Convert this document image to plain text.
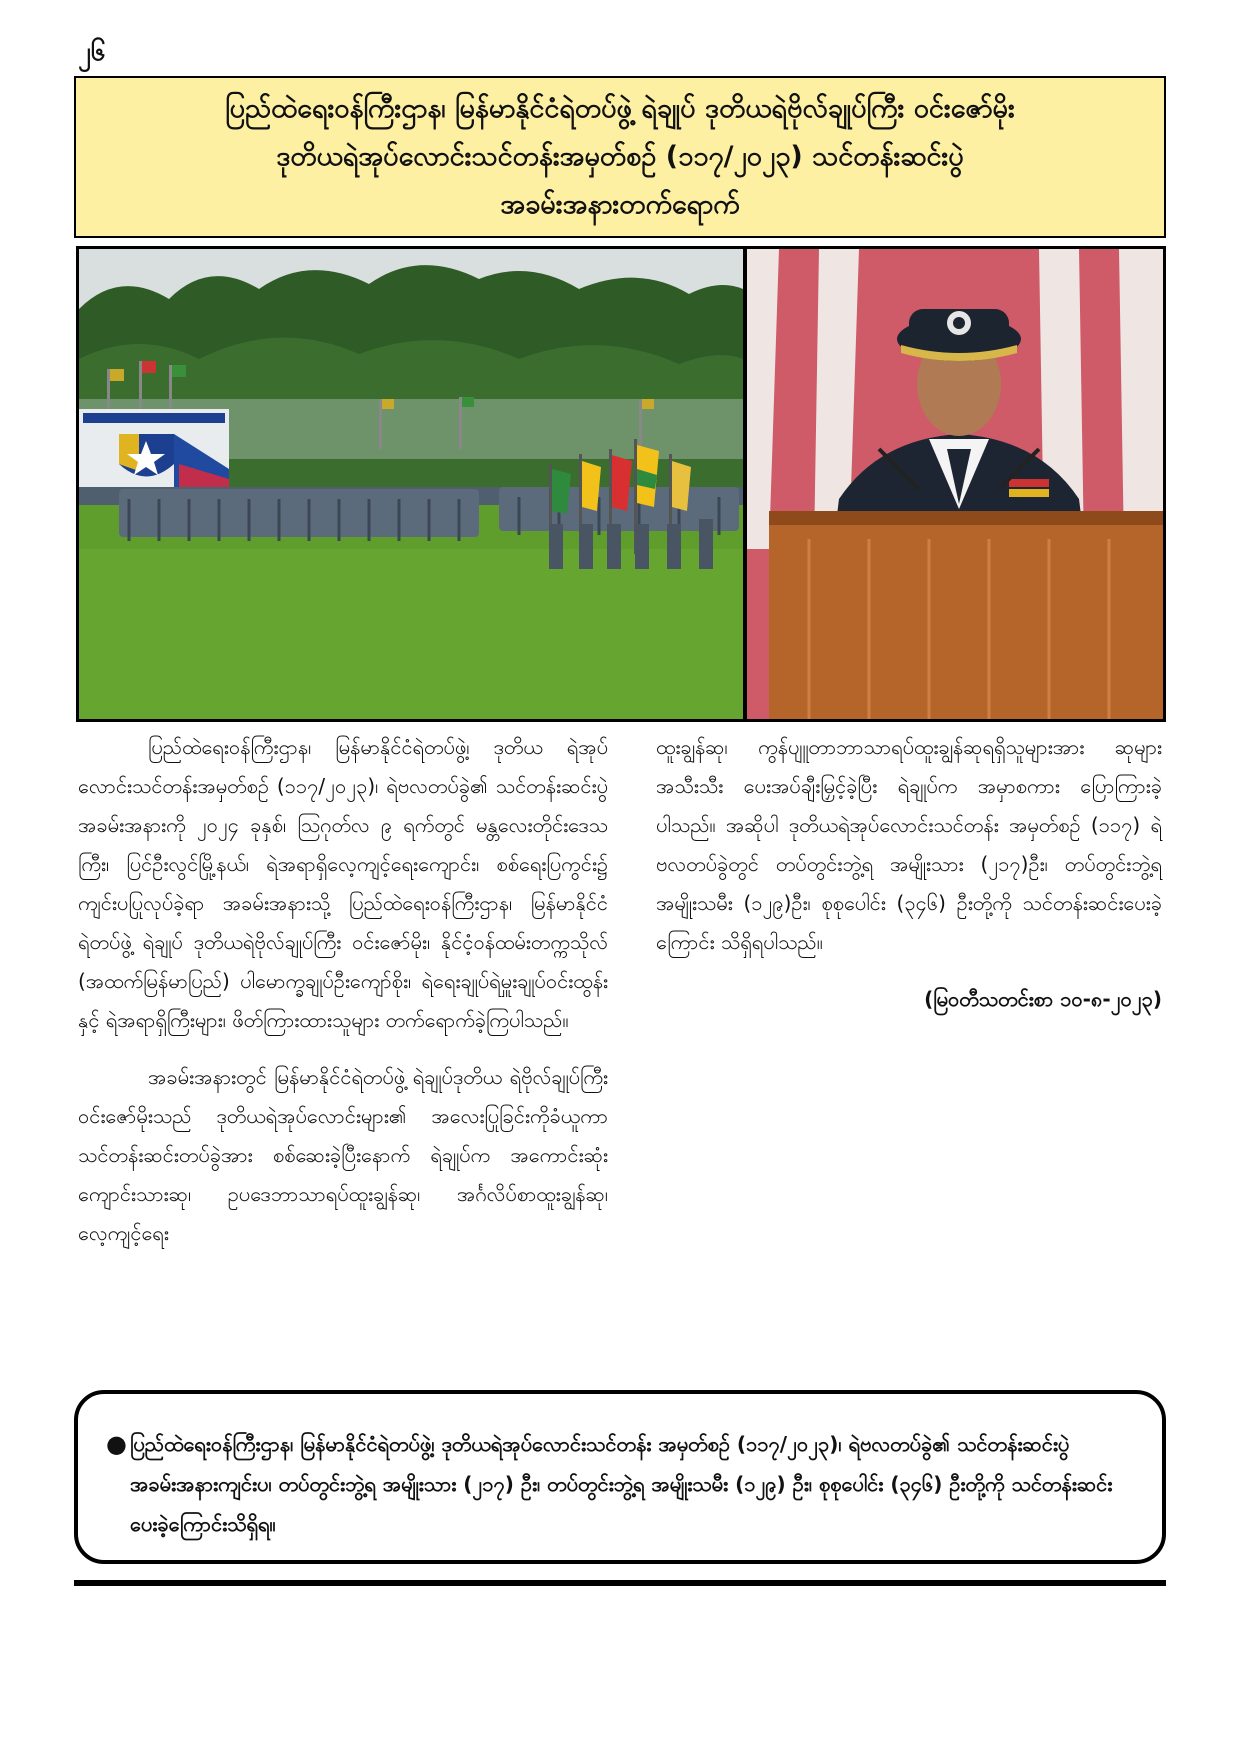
၂၆
ပြည်ထဲရေးဝန်ကြီးဌာန၊ မြန်မာနိုင်ငံရဲတပ်ဖွဲ့ ရဲချုပ် ဒုတိယရဲဗိုလ်ချုပ်ကြီး ဝင်းဇော်မိုး
ဒုတိယရဲအုပ်လောင်းသင်တန်းအမှတ်စဉ် (၁၁၇/၂၀၂၃) သင်တန်းဆင်းပွဲ
အခမ်းအနားတက်ရောက်

ပြည်ထဲရေးဝန်ကြီးဌာန၊ မြန်မာနိုင်ငံရဲတပ်ဖွဲ့၊ ဒုတိယ ရဲအုပ်လောင်းသင်တန်းအမှတ်စဉ် (၁၁၇/၂၀၂၃)၊ ရဲဗလတပ်ခွဲ၏ သင်တန်းဆင်းပွဲအခမ်းအနားကို ၂၀၂၄ ခုနှစ်၊ ဩဂုတ်လ ၉ ရက်တွင် မန္တလေးတိုင်းဒေသကြီး၊ ပြင်ဦးလွင်မြို့နယ်၊ ရဲအရာရှိလေ့ကျင့်ရေးကျောင်း၊ စစ်ရေးပြကွင်း၌ ကျင်းပပြုလုပ်ခဲ့ရာ အခမ်းအနားသို့ ပြည်ထဲရေးဝန်ကြီးဌာန၊ မြန်မာနိုင်ငံရဲတပ်ဖွဲ့ ရဲချုပ် ဒုတိယရဲဗိုလ်ချုပ်ကြီး ဝင်းဇော်မိုး၊ နိုင်ငံ့ဝန်ထမ်းတက္ကသိုလ် (အထက်မြန်မာပြည်) ပါမောက္ခချုပ်ဦးကျော်စိုး၊ ရဲရေးချုပ်ရဲမှူးချုပ်ဝင်းထွန်းနှင့် ရဲအရာရှိကြီးများ၊ ဖိတ်ကြားထားသူများ တက်ရောက်ခဲ့ကြပါသည်။

အခမ်းအနားတွင် မြန်မာနိုင်ငံရဲတပ်ဖွဲ့ ရဲချုပ်ဒုတိယ ရဲဗိုလ်ချုပ်ကြီးဝင်းဇော်မိုးသည် ဒုတိယရဲအုပ်လောင်းများ၏ အလေးပြုခြင်းကိုခံယူကာ သင်တန်းဆင်းတပ်ခွဲအား စစ်ဆေးခဲ့ပြီးနောက် ရဲချုပ်က အကောင်းဆုံးကျောင်းသားဆု၊ ဥပဒေဘာသာရပ်ထူးချွန်ဆု၊ အင်္ဂလိပ်စာထူးချွန်ဆု၊ လေ့ကျင့်ရေး

ထူးချွန်ဆု၊ ကွန်ပျူတာဘာသာရပ်ထူးချွန်ဆုရရှိသူများအား ဆုများအသီးသီး ပေးအပ်ချီးမြှင့်ခဲ့ပြီး ရဲချုပ်က အမှာစကား ပြောကြားခဲ့ပါသည်။ အဆိုပါ ဒုတိယရဲအုပ်လောင်းသင်တန်း အမှတ်စဉ် (၁၁၇) ရဲဗလတပ်ခွဲတွင် တပ်တွင်းဘွဲ့ရ အမျိုးသား (၂၁၇)ဦး၊ တပ်တွင်းဘွဲ့ရ အမျိုးသမီး (၁၂၉)ဦး၊ စုစုပေါင်း (၃၄၆) ဦးတို့ကို သင်တန်းဆင်းပေးခဲ့ကြောင်း သိရှိရပါသည်။

(မြဝတီသတင်းစာ ၁၀-၈-၂၀၂၃)
● ပြည်ထဲရေးဝန်ကြီးဌာန၊ မြန်မာနိုင်ငံရဲတပ်ဖွဲ့၊ ဒုတိယရဲအုပ်လောင်းသင်တန်း အမှတ်စဉ် (၁၁၇/၂၀၂၃)၊ ရဲဗလတပ်ခွဲ၏ သင်တန်းဆင်းပွဲအခမ်းအနားကျင်းပ၊ တပ်တွင်းဘွဲ့ရ အမျိုးသား (၂၁၇) ဦး၊ တပ်တွင်းဘွဲ့ရ အမျိုးသမီး (၁၂၉) ဦး၊ စုစုပေါင်း (၃၄၆) ဦးတို့ကို သင်တန်းဆင်းပေးခဲ့ကြောင်းသိရှိရ။
